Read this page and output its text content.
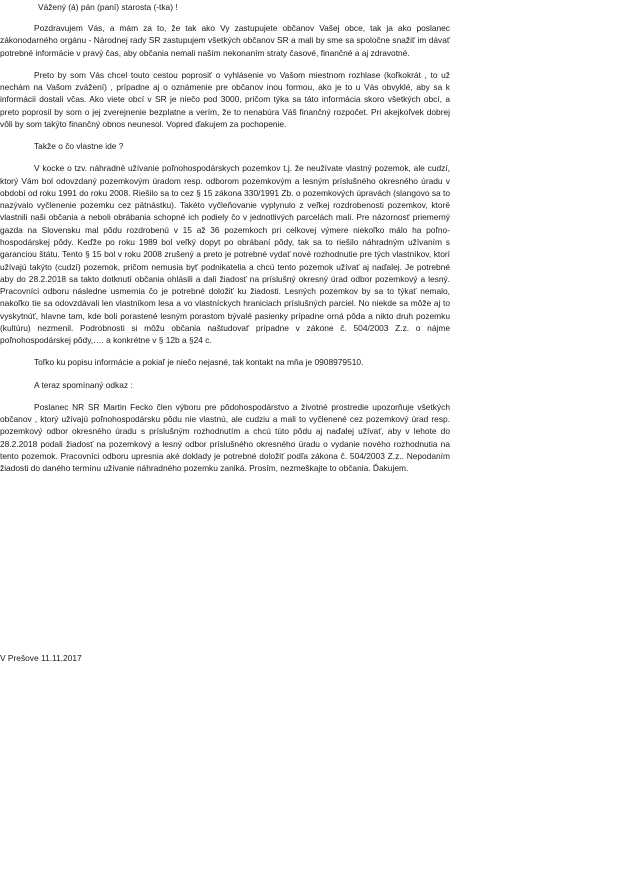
Vážený (á) pán (paní) starosta (-tka) !

Pozdravujem Vás, a mám za to, že tak ako Vy zastupujete občanov Vašej obce, tak ja ako poslanec zákonodarného orgánu - Národnej rady SR zastupujem všetkých občanov SR a mali by sme sa spoločne snažiť im dávať potrebné informácie v pravý čas, aby občania nemali naším nekonaním straty časové, finančné a aj zdravotné.

Preto by som Vás chcel touto cestou poprosiť o vyhlásenie vo Vašom miestnom rozhlase (koľkokrát , to už nechám na Vašom zvážení) , prípadne aj o oznámenie pre občanov inou formou, ako je to u Vás obvyklé, aby sa k informácii dostali včas. Ako viete obcí v SR je niečo pod 3000, pričom týka sa táto informácia skoro všetkých obcí, a preto poprosil by som o jej zverejnenie bezplatne a verím, že to nenabúra Váš finančný rozpočet. Pri akejkoľvek dobrej vôli by som takýto finančný obnos neunesol. Vopred ďakujem za pochopenie.

Takže o čo vlastne ide ?

V kocke o tzv. náhradné užívanie poľnohospodárskych pozemkov t.j. že neužívate vlastný pozemok, ale cudzí, ktorý Vám bol odovzdaný pozemkovým úradom resp. odborom pozemkovým a lesným príslušného okresného úradu v období od roku 1991 do roku 2008. Riešilo sa to cez § 15 zákona 330/1991 Zb. o pozemkových úpravách (slangovo sa to nazývalo vyčlenenie pozemku cez pätnástku). Takéto vyčleňovanie vyplynulo z veľkej rozdrobenosti pozemkov, ktoré vlastnili naši občania a neboli obrábania schopné ich podiely čo v jednotlivých parcelách mali. Pre názornosť priemerný gazda na Slovensku mal pôdu rozdrobenú v 15 až 36 pozemkoch pri celkovej výmere niekoľko málo ha poľno- hospodárskej pôdy. Keďže po roku 1989 bol veľký dopyt po obrábaní pôdy, tak sa to riešilo náhradným užívaním s garanciou štátu. Tento § 15 bol v roku 2008 zrušený a preto je potrebné vydať nové rozhodnutie pre tých vlastníkov, ktorí užívajú takýto (cudzí) pozemok, pričom nemusia byť podnikatelia a chcú tento pozemok užívať aj naďalej. Je potrebné aby do 28.2.2018 sa takto dotknutí občania ohlásili a dali žiadosť na príslušný okresný úrad odbor pozemkový a lesný. Pracovníci odboru následne usmernia čo je potrebné doložiť ku žiadosti. Lesných pozemkov by sa to týkať nemalo, nakoľko tie sa odovzdávali len vlastníkom lesa a vo vlastníckych hraniciach príslušných parciel. No niekde sa môže aj to vyskytnúť, hlavne tam, kde boli porastené lesným porastom bývalé pasienky prípadne orná pôda a nikto druh pozemku (kultúru) nezmenil. Podrobnosti si môžu občania naštudovať prípadne v zákone č. 504/2003 Z.z. o nájme poľnohospodárskej pôdy,…. a konkrétne v § 12b a §24 c.

Toľko ku popisu informácie a pokiaľ je niečo nejasné, tak kontakt na mňa je 0908979510.

A teraz spomínaný odkaz :

Poslanec NR SR Martin Fecko člen výboru pre pôdohospodárstvo a životné prostredie upozorňuje všetkých občanov , ktorý užívajú poľnohospodársku pôdu nie vlastnú, ale cudziu a mali to vyčlenené cez pozemkový úrad resp. pozemkový odbor okresného úradu s príslušným rozhodnutím a chcú túto pôdu aj naďalej užívať, aby v lehote do 28.2.2018 podali žiadosť na pozemkový a lesný odbor príslušného okresného úradu o vydanie nového rozhodnutia na tento pozemok. Pracovníci odboru upresnia aké doklady je potrebné doložiť podľa zákona č. 504/2003 Z.z.. Nepodaním žiadosti do daného termínu užívanie náhradného pozemku zaniká. Prosím, nezmeškajte to občania. Ďakujem.

V Prešove 11.11.2017
